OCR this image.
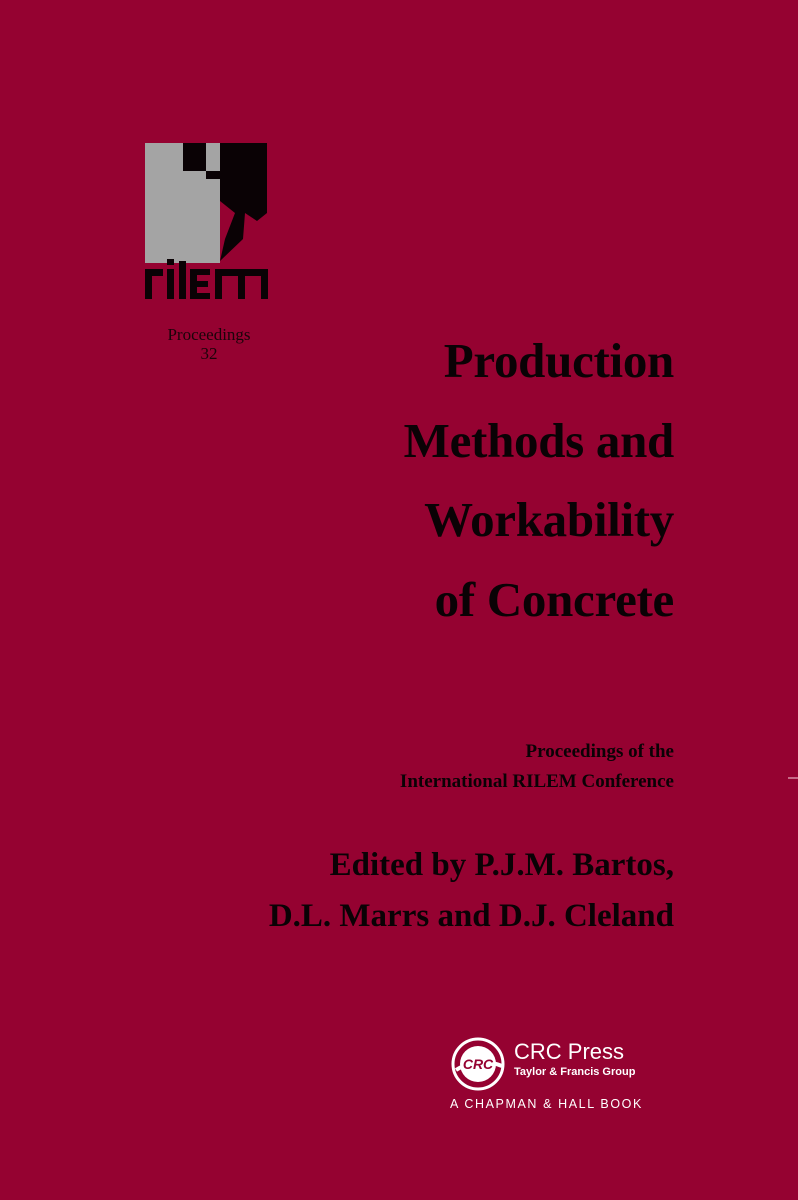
Proceedings
32	Production
Methods and
Workability
of Concrete
Proceedings of the
International RILEM Conference
Edited by P.J.M. Bartos,
D.L. Marrs and D.J. Cleland
CRC CRC Press
Taylor & Francis Group
A CHAPMAN & HALL BOOK
